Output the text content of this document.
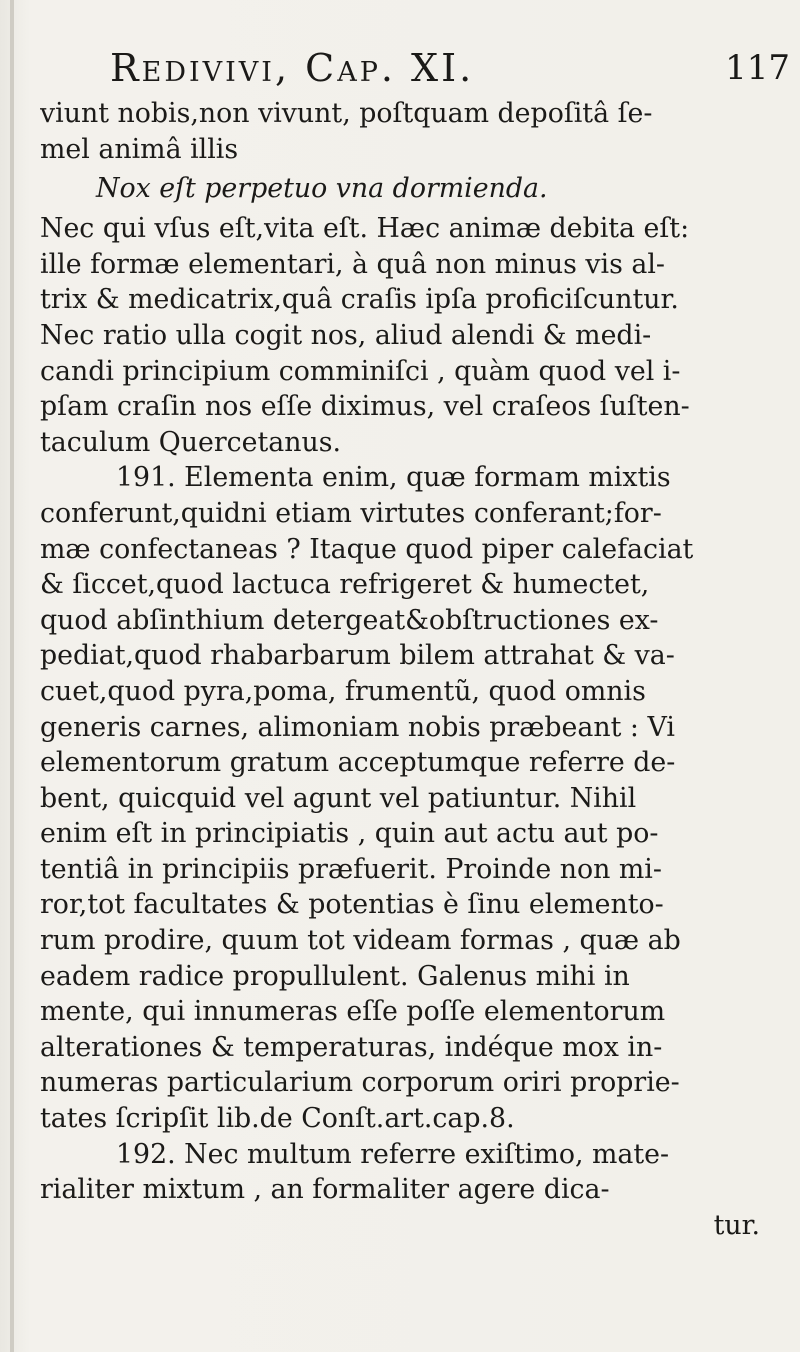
Redivivi, Cap. XI.	117
viunt nobis,non vivunt, poſtquam depoſitâ ſe-
mel animâ illis
Nox eſt perpetuo vna dormienda.
Nec qui vſus eſt,vita eſt. Hæc animæ debita eſt:
ille formæ elementari, à quâ non minus vis al-
trix & medicatrix,quâ craſis ipſa proficiſcuntur.
Nec ratio ulla cogit nos, aliud alendi & medi-
candi principium comminiſci , quàm quod vel i-
pſam craſin nos eſſe diximus, vel craſeos ſuſten-
taculum Quercetanus.
191. Elementa enim, quæ formam mixtis
conferunt,quidni etiam virtutes conferant;for-
mæ confectaneas ? Itaque quod piper calefaciat
& ſiccet,quod lactuca refrigeret & humectet,
quod abſinthium detergeat&obſtructiones ex-
pediat,quod rhabarbarum bilem attrahat & va-
cuet,quod pyra,poma, frumentũ, quod omnis
generis carnes, alimoniam nobis præbeant : Vi
elementorum gratum acceptumque referre de-
bent, quicquid vel agunt vel patiuntur. Nihil
enim eſt in principiatis , quin aut actu aut po-
tentiâ in principiis præfuerit. Proinde non mi-
ror,tot facultates & potentias è ſinu elemento-
rum prodire, quum tot videam formas , quæ ab
eadem radice propullulent. Galenus mihi in
mente, qui innumeras eſſe poſſe elementorum
alterationes & temperaturas, indéque mox in-
numeras particularium corporum oriri proprie-
tates ſcripſit lib.de Conſt.art.cap.8.
192. Nec multum referre exiſtimo, mate-
rialiter mixtum , an formaliter agere dica-
tur.
